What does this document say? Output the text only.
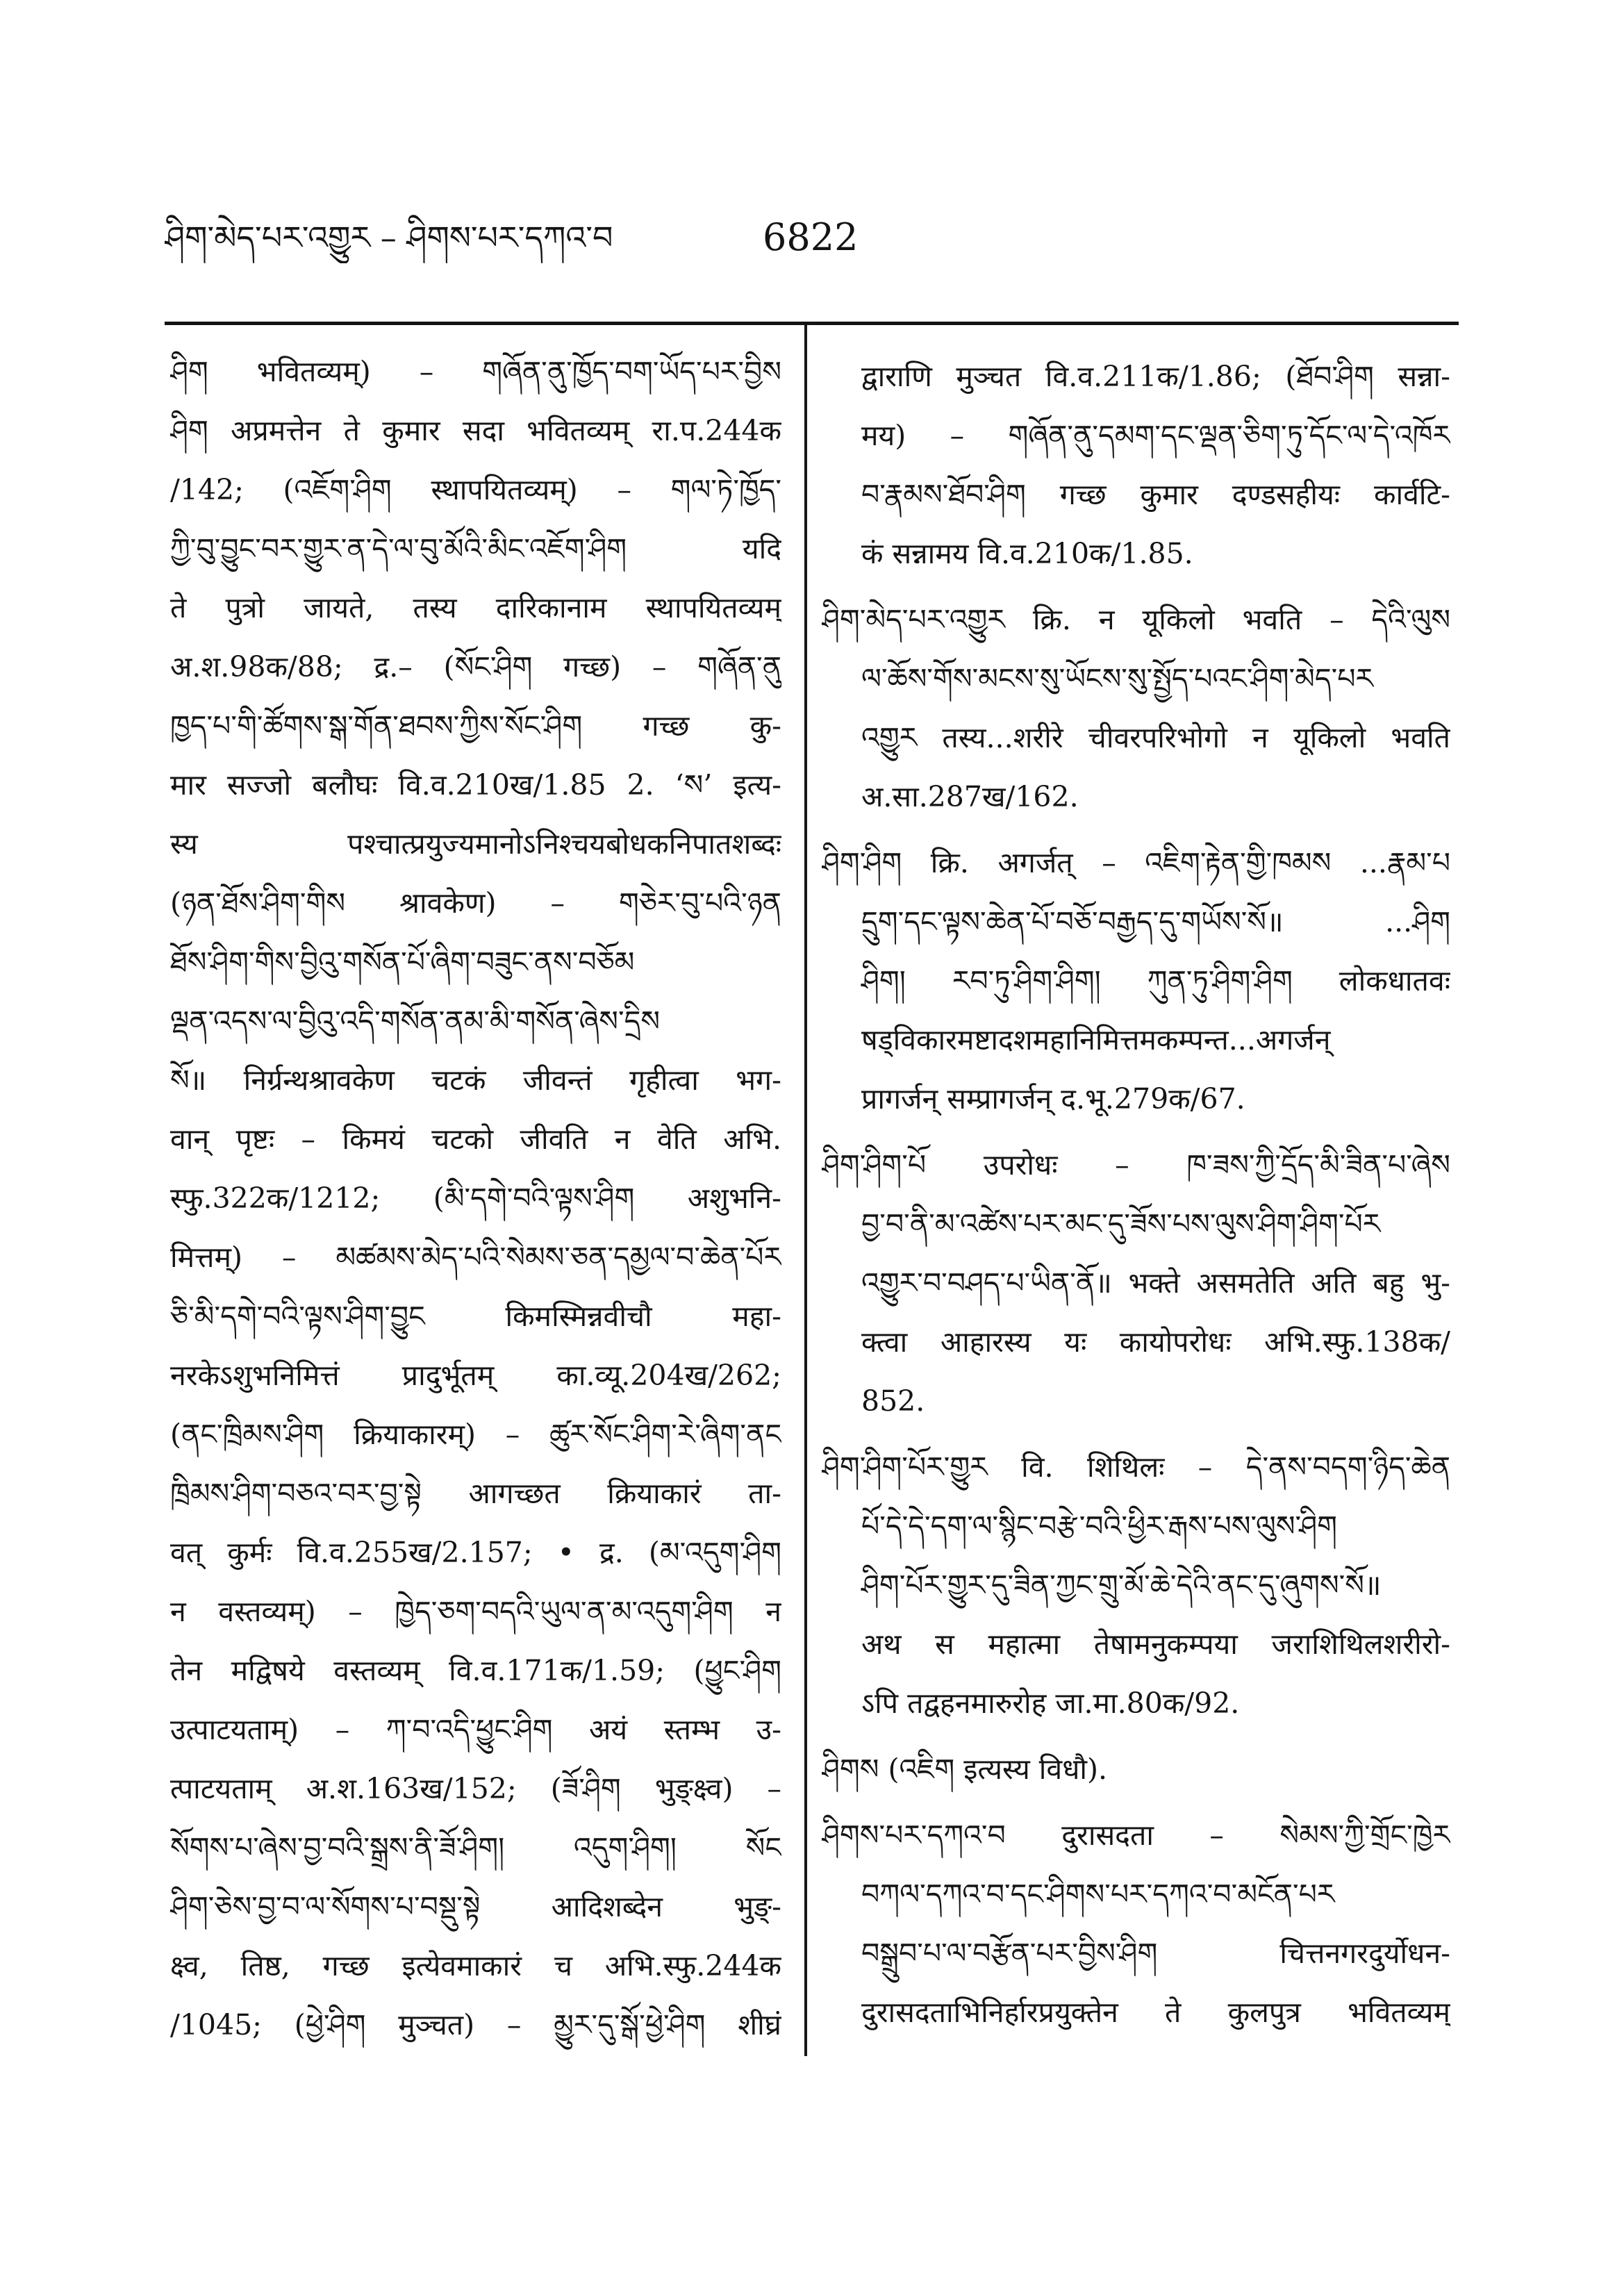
ཤིག་མེད་པར་འགྱུར – ཤིགས་པར་དཀའ་བ	6822
ཤིག भवितव्यम्) – གཞོན་ནུ་ཁྱོད་བག་ཡོད་པར་བྱིས
ཤིག अप्रमत्तेन ते कुमार सदा भवितव्यम् रा.प.244क
/142; (འཇོག་ཤིག स्थापयितव्यम्) – གལ་ཏེ་ཁྱོད་
ཀྱི་བུ་བྱུང་བར་གྱུར་ན་དེ་ལ་བུ་མོའི་མིང་འཇོག་ཤིག यदि
ते पुत्रो जायते, तस्य दारिकानाम स्थापयितव्यम्
अ.श.98क/88; द्र.– (སོང་ཤིག गच्छ) – གཞོན་ནུ
ཁྱད་པ་གི་ཚོགས་སྒ་གོན་ཐབས་ཀྱིས་སོང་ཤིག गच्छ कु-
मार सज्जो बलौघः वि.व.210ख/1.85 2. ‘ས’ इत्य-
स्य पश्चात्प्रयुज्यमानोऽनिश्चयबोधकनिपातशब्दः
(ཉན་ཐོས་ཤིག་གིས श्रावकेण) – གཅེར་བུ་པའི་ཉན
ཐོས་ཤིག་གིས་བྱིའུ་གསོན་པོ་ཞིག་བཟུང་ནས་བཅོམ
ལྡན་འདས་ལ་བྱིའུ་འདི་གསོན་ནམ་མི་གསོན་ཞེས་དྲིས
སོ॥ निर्ग्रन्थश्रावकेण चटकं जीवन्तं गृहीत्वा भग-
वान् पृष्टः – किमयं चटको जीवति न वेति अभि.
स्फु.322क/1212; (མི་དགེ་བའི་ལྟས་ཤིག अशुभनि-
मित्तम्) – མཚམས་མེད་པའི་སེམས་ཅན་དམྱལ་བ་ཆེན་པོར
ཅི་མི་དགེ་བའི་ལྟས་ཤིག་བྱུང किमस्मिन्नवीचौ महा-
नरकेऽशुभनिमित्तं प्रादुर्भूतम् का.व्यू.204ख/262;
(ནང་ཁྲིམས་ཤིག क्रियाकारम्) – ཚུར་སོང་ཤིག་རེ་ཞིག་ནང
ཁྲིམས་ཤིག་བཅའ་བར་བྱ་སྟེ आगच्छत क्रियाकारं ता-
वत् कुर्मः वि.व.255ख/2.157; • द्र. (མ་འདུག་ཤིག
न वस्तव्यम्) – ཁྱེད་ཅག་བདའི་ཡུལ་ན་མ་འདུག་ཤིག न
तेन मद्विषये वस्तव्यम् वि.व.171क/1.59; (ཕྱུང་ཤིག
उत्पाटयताम्) – ཀ་བ་འདི་ཕྱུང་ཤིག अयं स्तम्भ उ-
त्पाटयताम् अ.श.163ख/152; (ཟོ་ཤིག भुङ्क्ष्व) –
སོགས་པ་ཞེས་བྱ་བའི་སྒྲས་ནི་ཟོ་ཤིག། འདུག་ཤིག། སོང
ཤིག་ཅེས་བྱ་བ་ལ་སོགས་པ་བསྡུ་སྟེ आदिशब्देन भुङ्-
क्ष्व, तिष्ठ, गच्छ इत्येवमाकारं च अभि.स्फु.244क
/1045; (ཕྱེ་ཤིག मुञ्चत) – མྱུར་དུ་སྒོ་ཕྱེ་ཤིག शीघ्रं
द्वाराणि मुञ्चत वि.व.211क/1.86; (ཐོབ་ཤིག सन्ना-
मय) – གཞོན་ནུ་དམག་དང་ལྡན་ཅིག་ཏུ་དོང་ལ་དེ་འཁོར
བ་རྣམས་ཐོབ་ཤིག गच्छ कुमार दण्डसहीयः कार्वटि-
कं सन्नामय वि.व.210क/1.85.
ཤིག་མེད་པར་འགྱུར क्रि. न यूकिलो भवति – དེའི་ལུས
ལ་ཆོས་གོས་མངས་སུ་ཡོངས་སུ་སྤྱོད་པའང་ཤིག་མེད་པར
འགྱུར तस्य...शरीरे चीवरपरिभोगो न यूकिलो भवति
अ.सा.287ख/162.
ཤིག་ཤིག क्रि. अगर्जत् – འཇིག་རྟེན་གྱི་ཁམས ...རྣམ་པ
དྲུག་དང་ལྟས་ཆེན་པོ་བཅོ་བརྒྱད་དུ་གཡོས་སོ॥ ...ཤིག
ཤིག། རབ་ཏུ་ཤིག་ཤིག། ཀུན་ཏུ་ཤིག་ཤིག लोकधातवः
षड्विकारमष्टादशमहानिमित्तमकम्पन्त...अगर्जन्
प्रागर्जन् सम्प्रागर्जन् द.भू.279क/67.
ཤིག་ཤིག་པོ उपरोधः – ཁ་ཟས་ཀྱི་དྲོད་མི་ཟིན་པ་ཞེས
བྱ་བ་ནི་མ་འཚེས་པར་མང་དུ་ཟོས་པས་ལུས་ཤིག་ཤིག་པོར
འགྱུར་བ་བཤད་པ་ཡིན་ནོ॥ भक्ते असमतेति अति बहु भु-
क्त्वा आहारस्य यः कायोपरोधः अभि.स्फु.138क/
852.
ཤིག་ཤིག་པོར་གྱུར वि. शिथिलः – དེ་ནས་བདག་ཉིད་ཆེན
པོ་དེ་དེ་དག་ལ་སྙིང་བརྩེ་བའི་ཕྱིར་རྒས་པས་ལུས་ཤིག
ཤིག་པོར་གྱུར་དུ་ཟིན་ཀྱང་གྲུ་མོ་ཆེ་དེའི་ནང་དུ་ཞུགས་སོ॥
अथ स महात्मा तेषामनुकम्पया जराशिथिलशरीरो-
ऽपि तद्वहनमारुरोह जा.मा.80क/92.
ཤིགས (འཇིག इत्यस्य विधौ).
ཤིགས་པར་དཀའ་བ दुरासदता – སེམས་ཀྱི་གྲོང་ཁྱེར
བཀལ་དཀའ་བ་དང་ཤིགས་པར་དཀའ་བ་མངོན་པར
བསྒྲུབ་པ་ལ་བརྩོན་པར་བྱིས་ཤིག चित्तनगरदुर्योधन-
दुरासदताभिनिर्हारप्रयुक्तेन ते कुलपुत्र भवितव्यम्
